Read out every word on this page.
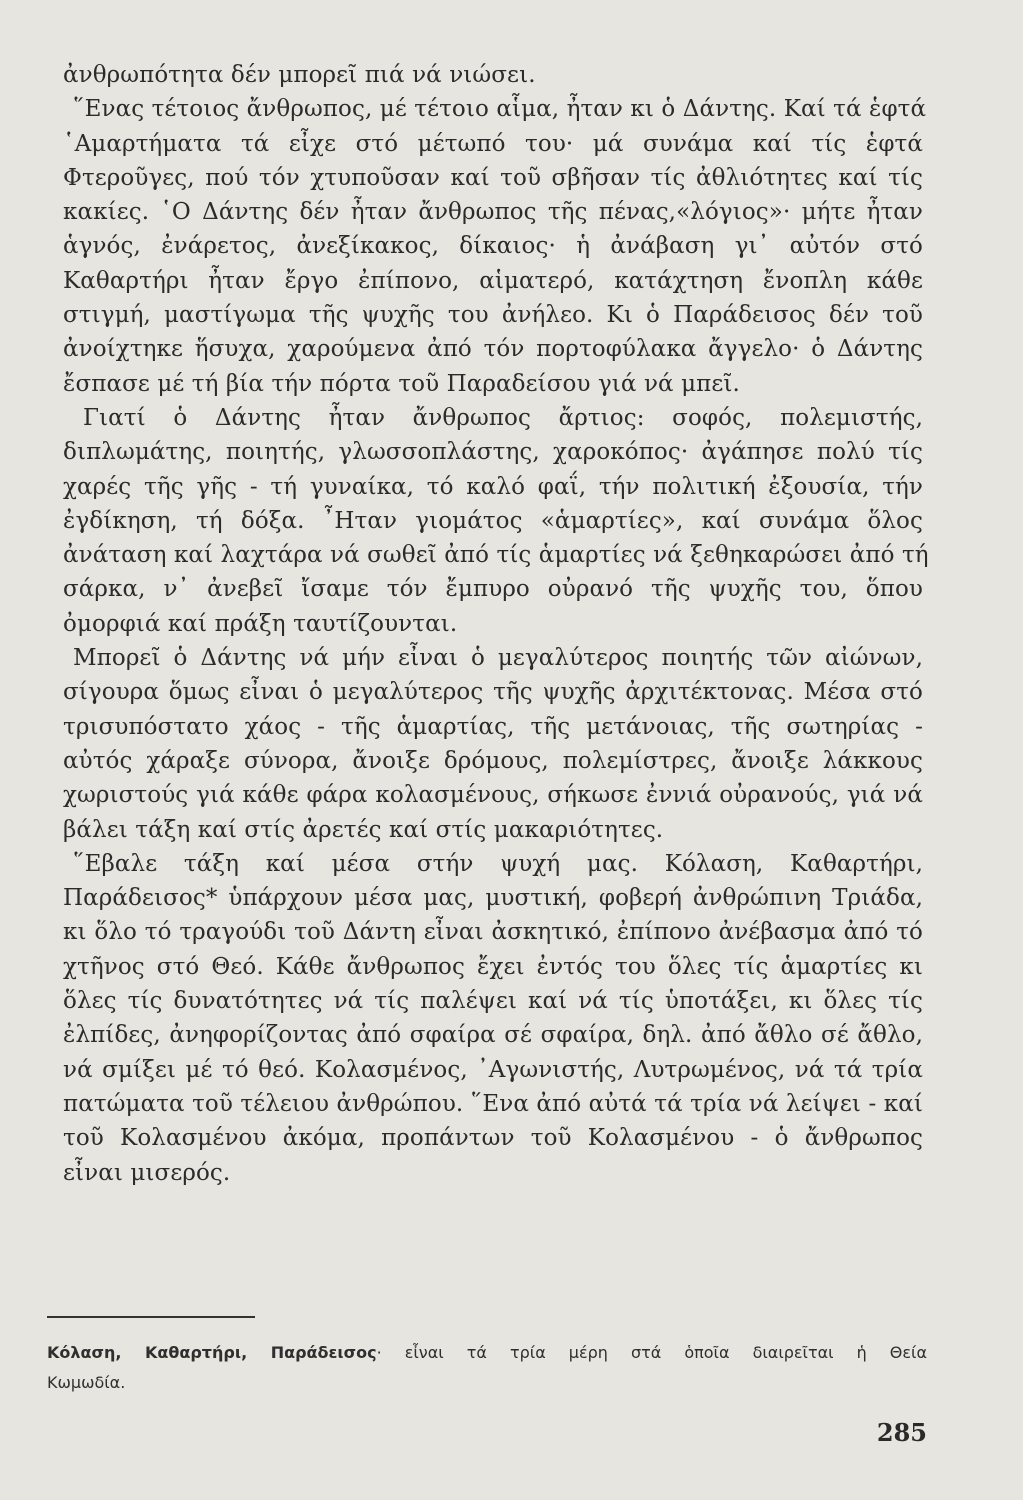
ἀνθρωπότητα δέν μπορεῖ πιά νά νιώσει.
῞Ενας τέτοιος ἄνθρωπος, μέ τέτοιο αἷμα, ἦταν κι ὁ Δάντης. Καί τά ἑφτά
῾Αμαρτήματα τά εἶχε στό μέτωπό του· μά συνάμα καί τίς ἑφτά
Φτεροῦγες, πού τόν χτυποῦσαν καί τοῦ σβῆσαν τίς ἀθλιότητες καί τίς
κακίες. ῾Ο Δάντης δέν ἦταν ἄνθρωπος τῆς πένας,«λόγιος»· μήτε ἦταν
ἁγνός, ἐνάρετος, ἀνεξίκακος, δίκαιος· ἡ ἀνάβαση γι᾿ αὐτόν στό
Καθαρτήρι ἦταν ἔργο ἐπίπονο, αἱματερό, κατάχτηση ἔνοπλη κάθε
στιγμή, μαστίγωμα τῆς ψυχῆς του ἀνήλεο. Κι ὁ Παράδεισος δέν τοῦ
ἀνοίχτηκε ἥσυχα, χαρούμενα ἀπό τόν πορτοφύλακα ἄγγελο· ὁ Δάντης
ἔσπασε μέ τή βία τήν πόρτα τοῦ Παραδείσου γιά νά μπεῖ.
Γιατί ὁ Δάντης ἦταν ἄνθρωπος ἄρτιος: σοφός, πολεμιστής,
διπλωμάτης, ποιητής, γλωσσοπλάστης, χαροκόπος· ἀγάπησε πολύ τίς
χαρές τῆς γῆς - τή γυναίκα, τό καλό φαΐ, τήν πολιτική ἐξουσία, τήν
ἐγδίκηση, τή δόξα. ῏Ηταν γιομάτος «ἁμαρτίες», καί συνάμα ὅλος
ἀνάταση καί λαχτάρα νά σωθεῖ ἀπό τίς ἁμαρτίες νά ξεθηκαρώσει ἀπό τή
σάρκα, ν᾿ ἀνεβεῖ ἴσαμε τόν ἔμπυρο οὐρανό τῆς ψυχῆς του, ὅπου
ὀμορφιά καί πράξη ταυτίζουνται.
Μπορεῖ ὁ Δάντης νά μήν εἶναι ὁ μεγαλύτερος ποιητής τῶν αἰώνων,
σίγουρα ὅμως εἶναι ὁ μεγαλύτερος τῆς ψυχῆς ἀρχιτέκτονας. Μέσα στό
τρισυπόστατο χάος - τῆς ἁμαρτίας, τῆς μετάνοιας, τῆς σωτηρίας -
αὐτός χάραξε σύνορα, ἄνοιξε δρόμους, πολεμίστρες, ἄνοιξε λάκκους
χωριστούς γιά κάθε φάρα κολασμένους, σήκωσε ἐννιά οὐρανούς, γιά νά
βάλει τάξη καί στίς ἀρετές καί στίς μακαριότητες.
῞Εβαλε τάξη καί μέσα στήν ψυχή μας. Κόλαση, Καθαρτήρι,
Παράδεισος* ὑπάρχουν μέσα μας, μυστική, φοβερή ἀνθρώπινη Τριάδα,
κι ὅλο τό τραγούδι τοῦ Δάντη εἶναι ἀσκητικό, ἐπίπονο ἀνέβασμα ἀπό τό
χτῆνος στό Θεό. Κάθε ἄνθρωπος ἔχει ἐντός του ὅλες τίς ἁμαρτίες κι
ὅλες τίς δυνατότητες νά τίς παλέψει καί νά τίς ὑποτάξει, κι ὅλες τίς
ἐλπίδες, ἀνηφορίζοντας ἀπό σφαίρα σέ σφαίρα, δηλ. ἀπό ἄθλο σέ ἄθλο,
νά σμίξει μέ τό θεό. Κολασμένος, ᾿Αγωνιστής, Λυτρωμένος, νά τά τρία
πατώματα τοῦ τέλειου ἀνθρώπου. ῞Ενα ἀπό αὐτά τά τρία νά λείψει - καί
τοῦ Κολασμένου ἀκόμα, προπάντων τοῦ Κολασμένου - ὁ ἄνθρωπος
εἶναι μισερός.
Κόλαση, Καθαρτήρι, Παράδεισος· εἶναι τά τρία μέρη στά ὁποῖα διαιρεῖται ἡ Θεία
Κωμωδία.
285
